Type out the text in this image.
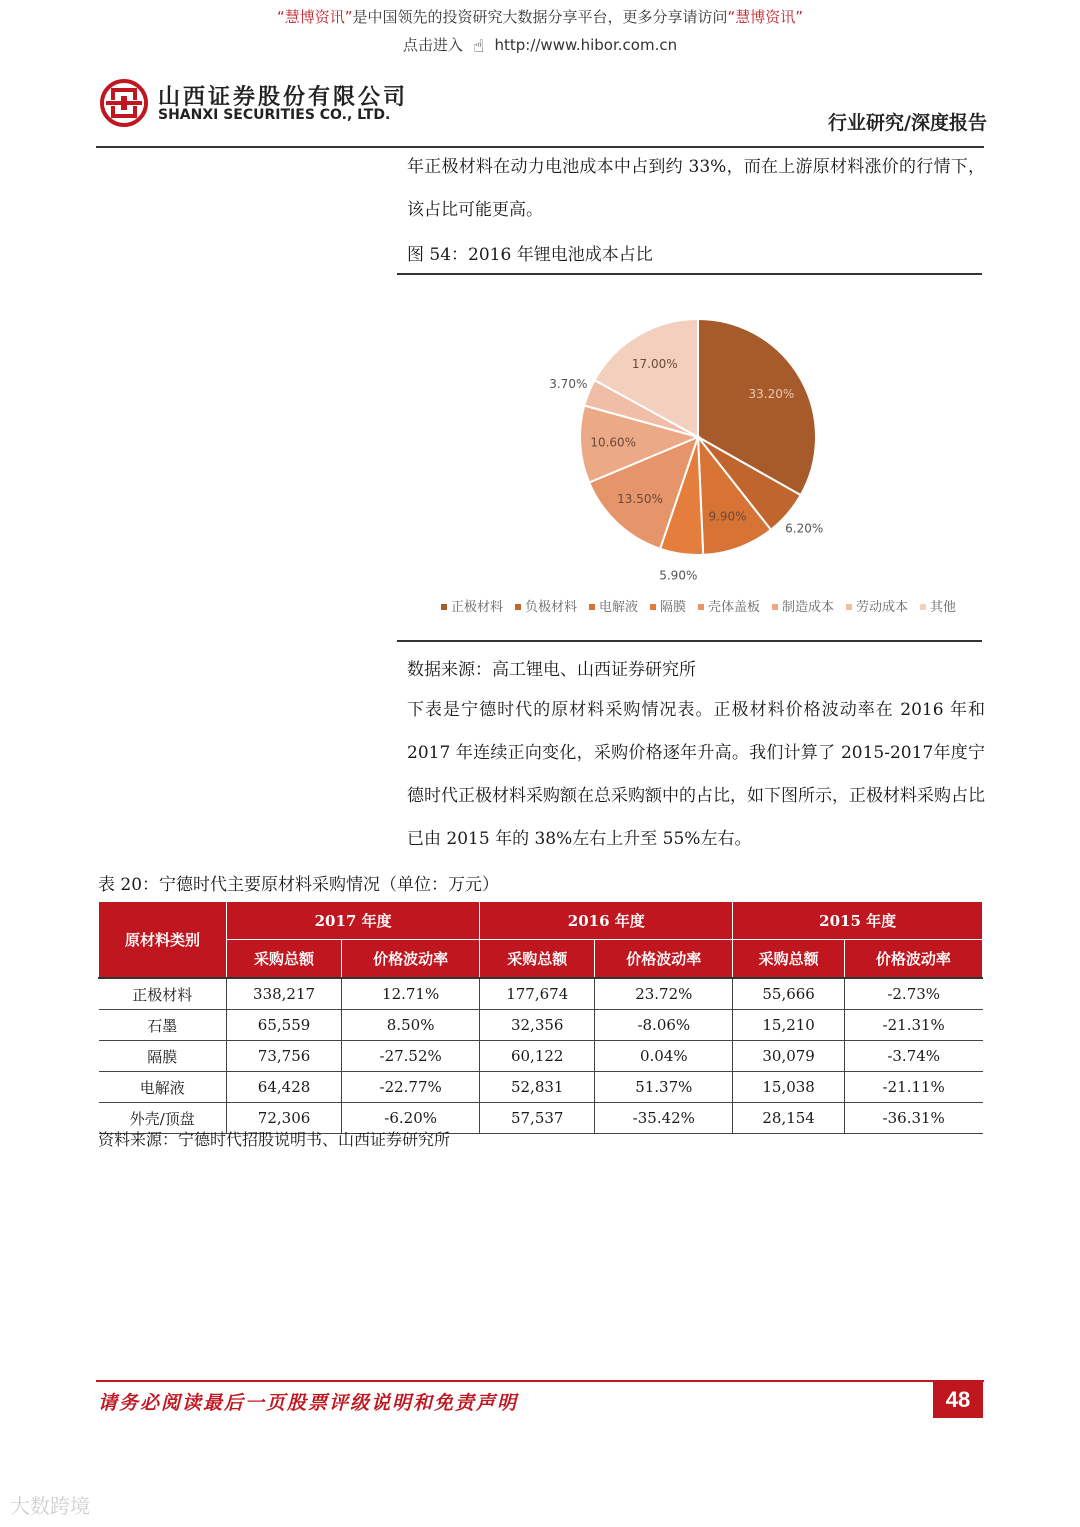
“慧博资讯”是中国领先的投资研究大数据分享平台，更多分享请访问“慧博资讯”
点击进入 ☝ http://www.hibor.com.cn
山西证券股份有限公司
SHANXI SECURITIES CO., LTD.	行业研究/深度报告
年正极材料在动力电池成本中占到约 33%，而在上游原材料涨价的行情下，该占比可能更高。
图 54：2016 年锂电池成本占比
33.20%
6.20%
9.90%
5.90%
13.50%
10.60%
3.70%
17.00%
正极材料 负极材料 电解液 隔膜 壳体盖板 制造成本 劳动成本 其他
数据来源：高工锂电、山西证券研究所
下表是宁德时代的原材料采购情况表。正极材料价格波动率在 2016 年和 2017 年连续正向变化，采购价格逐年升高。我们计算了 2015-2017年度宁德时代正极材料采购额在总采购额中的占比，如下图所示，正极材料采购占比已由 2015 年的 38%左右上升至 55%左右。
表 20：宁德时代主要原材料采购情况（单位：万元）
原材料类别	2017 年度		2016 年度		2015 年度	
	采购总额	价格波动率	采购总额	价格波动率	采购总额	价格波动率
正极材料	338,217	12.71%	177,674	23.72%	55,666	-2.73%
石墨	65,559	8.50%	32,356	-8.06%	15,210	-21.31%
隔膜	73,756	-27.52%	60,122	0.04%	30,079	-3.74%
电解液	64,428	-22.77%	52,831	51.37%	15,038	-21.11%
外壳/顶盘	72,306	-6.20%	57,537	-35.42%	28,154	-36.31%
资料来源：宁德时代招股说明书、山西证券研究所
请务必阅读最后一页股票评级说明和免责声明	48
大数跨境
